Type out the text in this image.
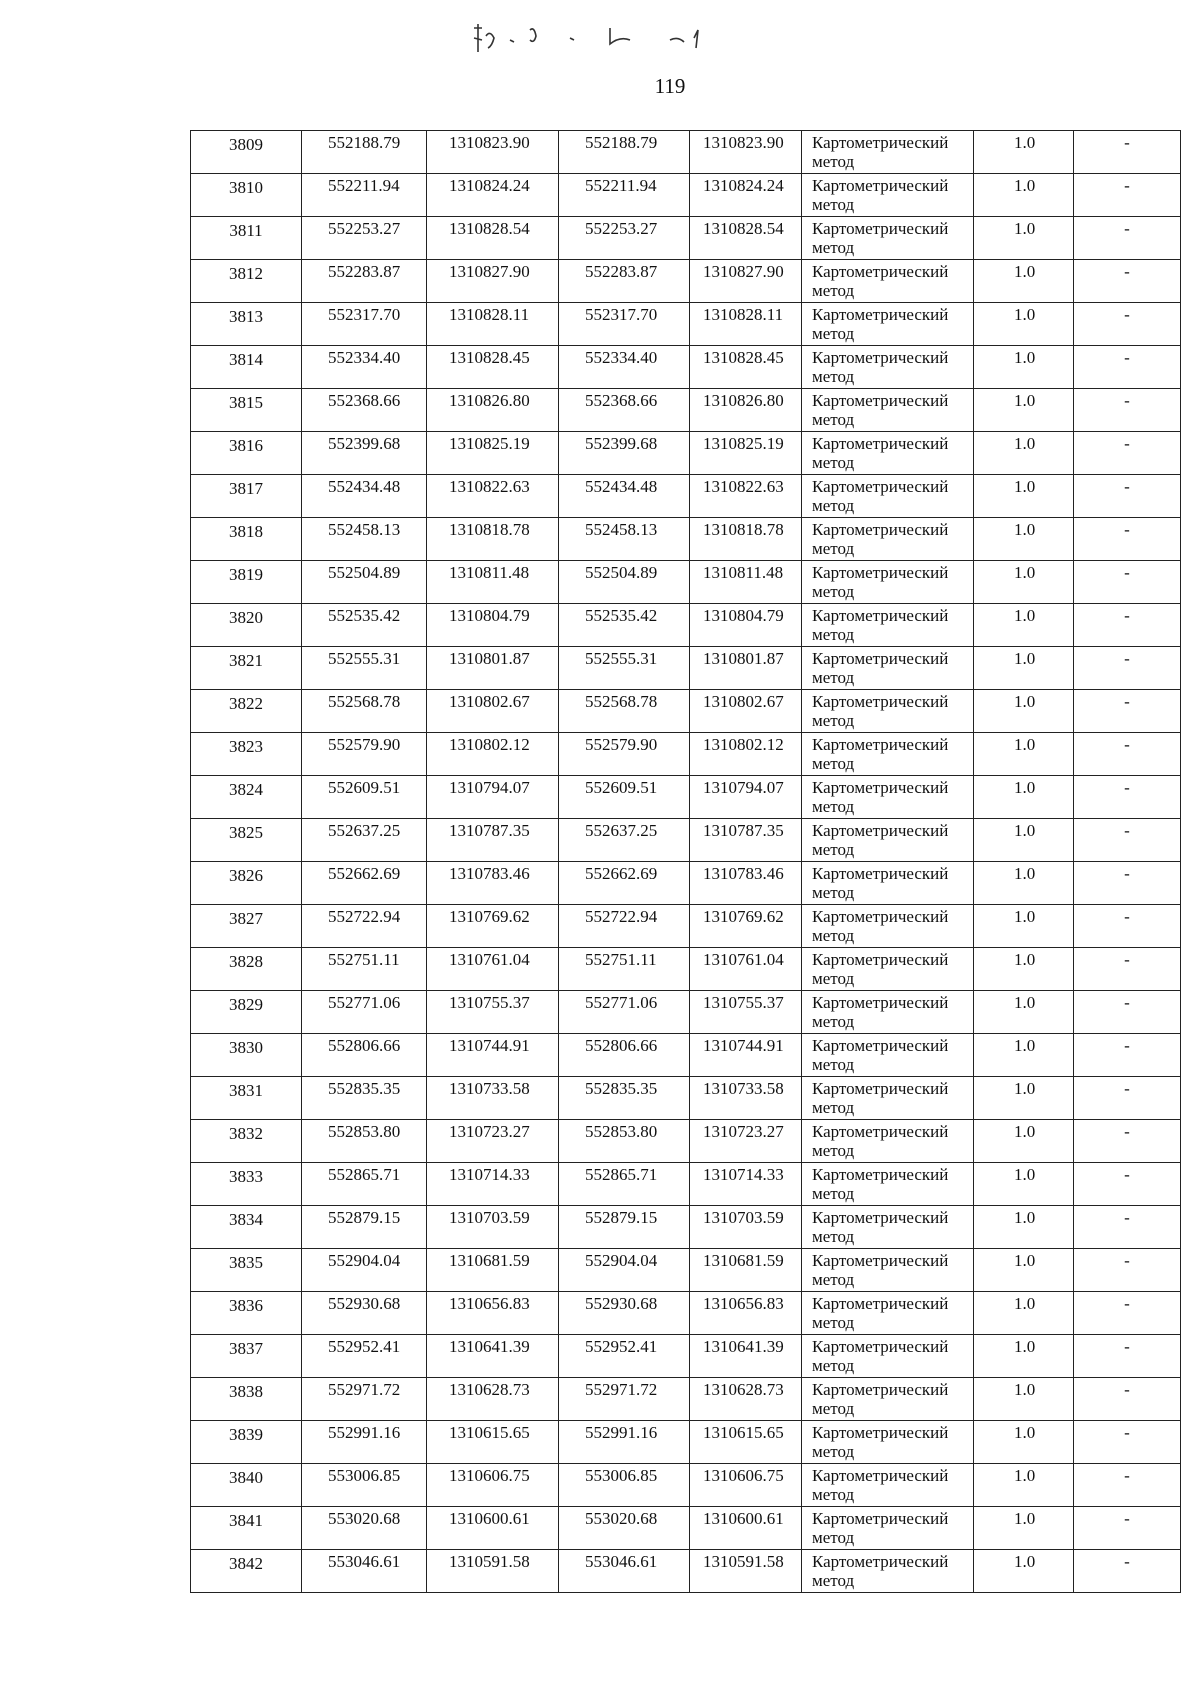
119
3809	552188.79	1310823.90	552188.79	1310823.90	Картометрический
метод	1.0	-

3810	552211.94	1310824.24	552211.94	1310824.24	Картометрический
метод	1.0	-

3811	552253.27	1310828.54	552253.27	1310828.54	Картометрический
метод	1.0	-

3812	552283.87	1310827.90	552283.87	1310827.90	Картометрический
метод	1.0	-

3813	552317.70	1310828.11	552317.70	1310828.11	Картометрический
метод	1.0	-

3814	552334.40	1310828.45	552334.40	1310828.45	Картометрический
метод	1.0	-

3815	552368.66	1310826.80	552368.66	1310826.80	Картометрический
метод	1.0	-

3816	552399.68	1310825.19	552399.68	1310825.19	Картометрический
метод	1.0	-

3817	552434.48	1310822.63	552434.48	1310822.63	Картометрический
метод	1.0	-

3818	552458.13	1310818.78	552458.13	1310818.78	Картометрический
метод	1.0	-

3819	552504.89	1310811.48	552504.89	1310811.48	Картометрический
метод	1.0	-

3820	552535.42	1310804.79	552535.42	1310804.79	Картометрический
метод	1.0	-

3821	552555.31	1310801.87	552555.31	1310801.87	Картометрический
метод	1.0	-

3822	552568.78	1310802.67	552568.78	1310802.67	Картометрический
метод	1.0	-

3823	552579.90	1310802.12	552579.90	1310802.12	Картометрический
метод	1.0	-

3824	552609.51	1310794.07	552609.51	1310794.07	Картометрический
метод	1.0	-

3825	552637.25	1310787.35	552637.25	1310787.35	Картометрический
метод	1.0	-

3826	552662.69	1310783.46	552662.69	1310783.46	Картометрический
метод	1.0	-

3827	552722.94	1310769.62	552722.94	1310769.62	Картометрический
метод	1.0	-

3828	552751.11	1310761.04	552751.11	1310761.04	Картометрический
метод	1.0	-

3829	552771.06	1310755.37	552771.06	1310755.37	Картометрический
метод	1.0	-

3830	552806.66	1310744.91	552806.66	1310744.91	Картометрический
метод	1.0	-

3831	552835.35	1310733.58	552835.35	1310733.58	Картометрический
метод	1.0	-

3832	552853.80	1310723.27	552853.80	1310723.27	Картометрический
метод	1.0	-

3833	552865.71	1310714.33	552865.71	1310714.33	Картометрический
метод	1.0	-

3834	552879.15	1310703.59	552879.15	1310703.59	Картометрический
метод	1.0	-

3835	552904.04	1310681.59	552904.04	1310681.59	Картометрический
метод	1.0	-

3836	552930.68	1310656.83	552930.68	1310656.83	Картометрический
метод	1.0	-

3837	552952.41	1310641.39	552952.41	1310641.39	Картометрический
метод	1.0	-

3838	552971.72	1310628.73	552971.72	1310628.73	Картометрический
метод	1.0	-

3839	552991.16	1310615.65	552991.16	1310615.65	Картометрический
метод	1.0	-

3840	553006.85	1310606.75	553006.85	1310606.75	Картометрический
метод	1.0	-

3841	553020.68	1310600.61	553020.68	1310600.61	Картометрический
метод	1.0	-

3842	553046.61	1310591.58	553046.61	1310591.58	Картометрический
метод	1.0	-
